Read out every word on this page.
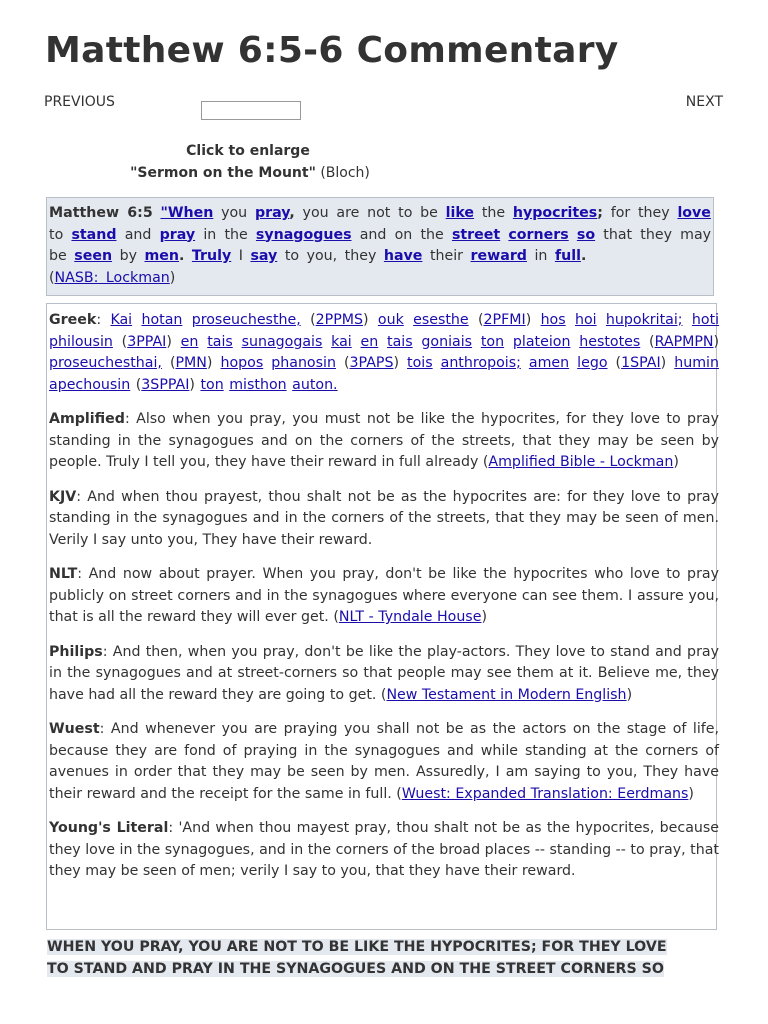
Matthew 6:5-6 Commentary
PREVIOUS	NEXT
Click to enlarge
"Sermon on the Mount" (Bloch)
Matthew 6:5 "When you pray, you are not to be like the hypocrites; for they love to stand and pray in the synagogues and on the street corners so that they may be seen by men. Truly I say to you, they have their reward in full.
(NASB: Lockman)

Greek: Kai hotan proseuchesthe, (2PPMS) ouk esesthe (2PFMI) hos hoi hupokritai; hoti philousin (3PPAI) en tais sunagogais kai en tais goniais ton plateion hestotes (RAPMPN) proseuchesthai, (PMN) hopos phanosin (3PAPS) tois anthropois; amen lego (1SPAI) humin apechousin (3SPPAI) ton misthon auton.

Amplified: Also when you pray, you must not be like the hypocrites, for they love to pray standing in the synagogues and on the corners of the streets, that they may be seen by people. Truly I tell you, they have their reward in full already (Amplified Bible - Lockman)

KJV: And when thou prayest, thou shalt not be as the hypocrites are: for they love to pray standing in the synagogues and in the corners of the streets, that they may be seen of men. Verily I say unto you, They have their reward.

NLT: And now about prayer. When you pray, don't be like the hypocrites who love to pray publicly on street corners and in the synagogues where everyone can see them. I assure you, that is all the reward they will ever get. (NLT - Tyndale House)

Philips: And then, when you pray, don't be like the play-actors. They love to stand and pray in the synagogues and at street-corners so that people may see them at it. Believe me, they have had all the reward they are going to get. (New Testament in Modern English)

Wuest: And whenever you are praying you shall not be as the actors on the stage of life, because they are fond of praying in the synagogues and while standing at the corners of avenues in order that they may be seen by men. Assuredly, I am saying to you, They have their reward and the receipt for the same in full. (Wuest: Expanded Translation: Eerdmans)

Young's Literal: 'And when thou mayest pray, thou shalt not be as the hypocrites, because they love in the synagogues, and in the corners of the broad places -- standing -- to pray, that they may be seen of men; verily I say to you, that they have their reward.

WHEN YOU PRAY, YOU ARE NOT TO BE LIKE THE HYPOCRITES; FOR THEY LOVE
TO STAND AND PRAY IN THE SYNAGOGUES AND ON THE STREET CORNERS SO
